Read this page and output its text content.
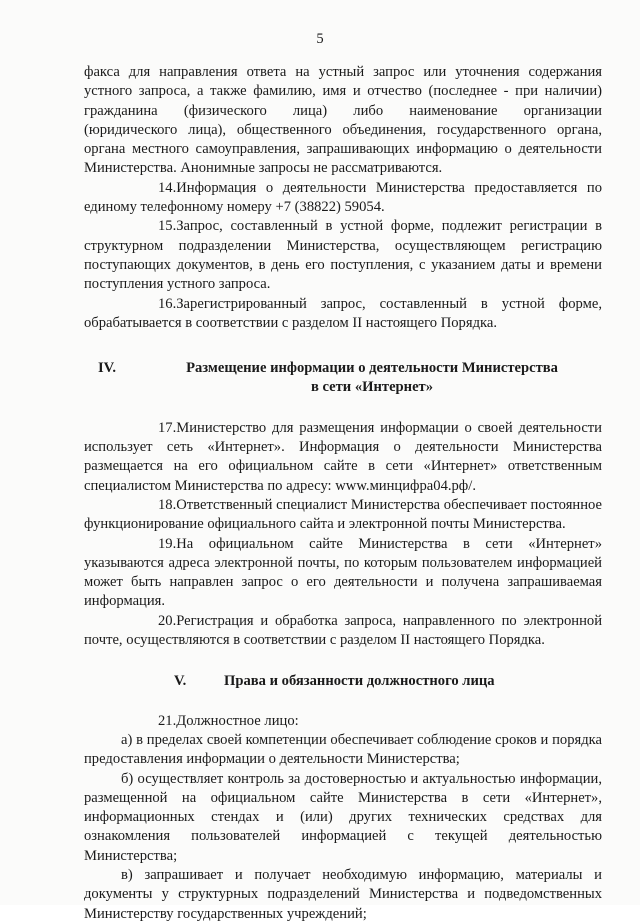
5

факса для направления ответа на устный запрос или уточнения содержания

устного запроса, а также фамилию, имя и отчество (последнее - при наличии)

гражданина (физического лица) либо наименование организации

(юридического лица), общественного объединения, государственного органа,

органа местного самоуправления, запрашивающих информацию о деятельности

Министерства. Анонимные запросы не рассматриваются.

14.Информация о деятельности Министерства предоставляется по единому телефонному номеру +7 (38822) 59054.

15.Запрос, составленный в устной форме, подлежит регистрации в структурном подразделении Министерства, осуществляющем регистрацию поступающих документов, в день его поступления, с указанием даты и времени поступления устного запроса.

16.Зарегистрированный запрос, составленный в устной форме, обрабатывается в соответствии с разделом II настоящего Порядка.

IV.	Размещение информации о деятельности Министерства
в сети «Интернет»

17.Министерство для размещения информации о своей деятельности использует сеть «Интернет». Информация о деятельности Министерства размещается на его официальном сайте в сети «Интернет» ответственным специалистом Министерства по адресу: www.минцифра04.рф/.

18.Ответственный специалист Министерства обеспечивает постоянное функционирование официального сайта и электронной почты Министерства.

19.На официальном сайте Министерства в сети «Интернет» указываются адреса электронной почты, по которым пользователем информацией может быть направлен запрос о его деятельности и получена запрашиваемая информация.

20.Регистрация и обработка запроса, направленного по электронной почте, осуществляются в соответствии с разделом II настоящего Порядка.

V.	Права и обязанности должностного лица

21.Должностное лицо:

а) в пределах своей компетенции обеспечивает соблюдение сроков и порядка предоставления информации о деятельности Министерства;

б) осуществляет контроль за достоверностью и актуальностью информации, размещенной на официальном сайте Министерства в сети «Интернет», информационных стендах и (или) других технических средствах для ознакомления пользователей информацией с текущей деятельностью Министерства;

в) запрашивает и получает необходимую информацию, материалы и документы у структурных подразделений Министерства и подведомственных Министерству государственных учреждений;
